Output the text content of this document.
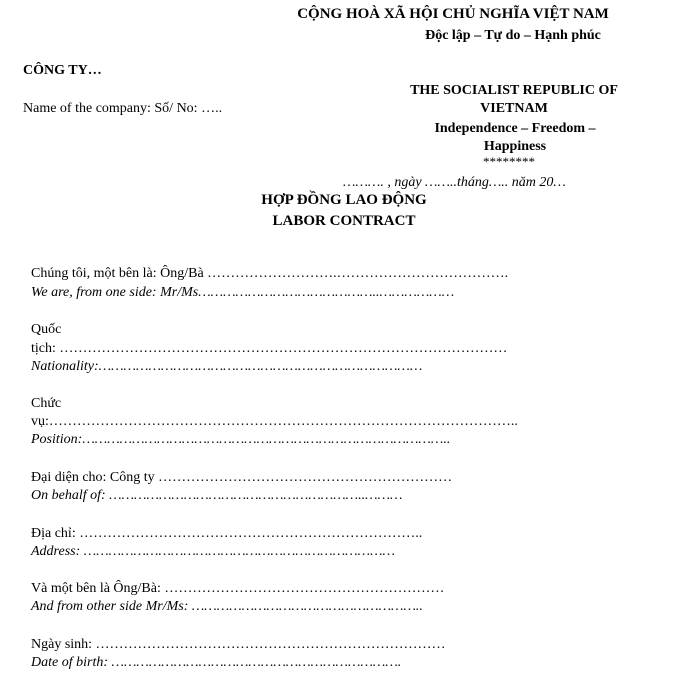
CỘNG HOÀ XÃ HỘI CHỦ NGHĨA VIỆT NAM
Độc lập – Tự do – Hạnh phúc
CÔNG TY…
Name of the company: Số/ No: …..
THE SOCIALIST REPUBLIC OF VIETNAM
Independence – Freedom – Happiness
********
………. , ngày ……..tháng….. năm 20…
HỢP ĐỒNG LAO ĐỘNG
LABOR CONTRACT
Chúng tôi, một bên là: Ông/Bà ……………………….……………………………….
We are, from one side: Mr/Ms……………………………………..………………
Quốc
tịch: ……………………………………………………………………………………
Nationality:……………………………………………………………………
Chức
vụ:………………………………………………………………………………………..
Position:……………………………………………………………………………..
Đại diện cho: Công ty ………………………………………………………
On behalf of: ……………………………………………………..………
Địa chỉ: ………………………………………………………………..
Address: …………………………………………………………………
Và một bên là Ông/Bà: ……………………………………………………
And from other side Mr/Ms: ………………………………………………..
Ngày sinh: …………………………………………………………………
Date of birth: …………………………………………………………….
